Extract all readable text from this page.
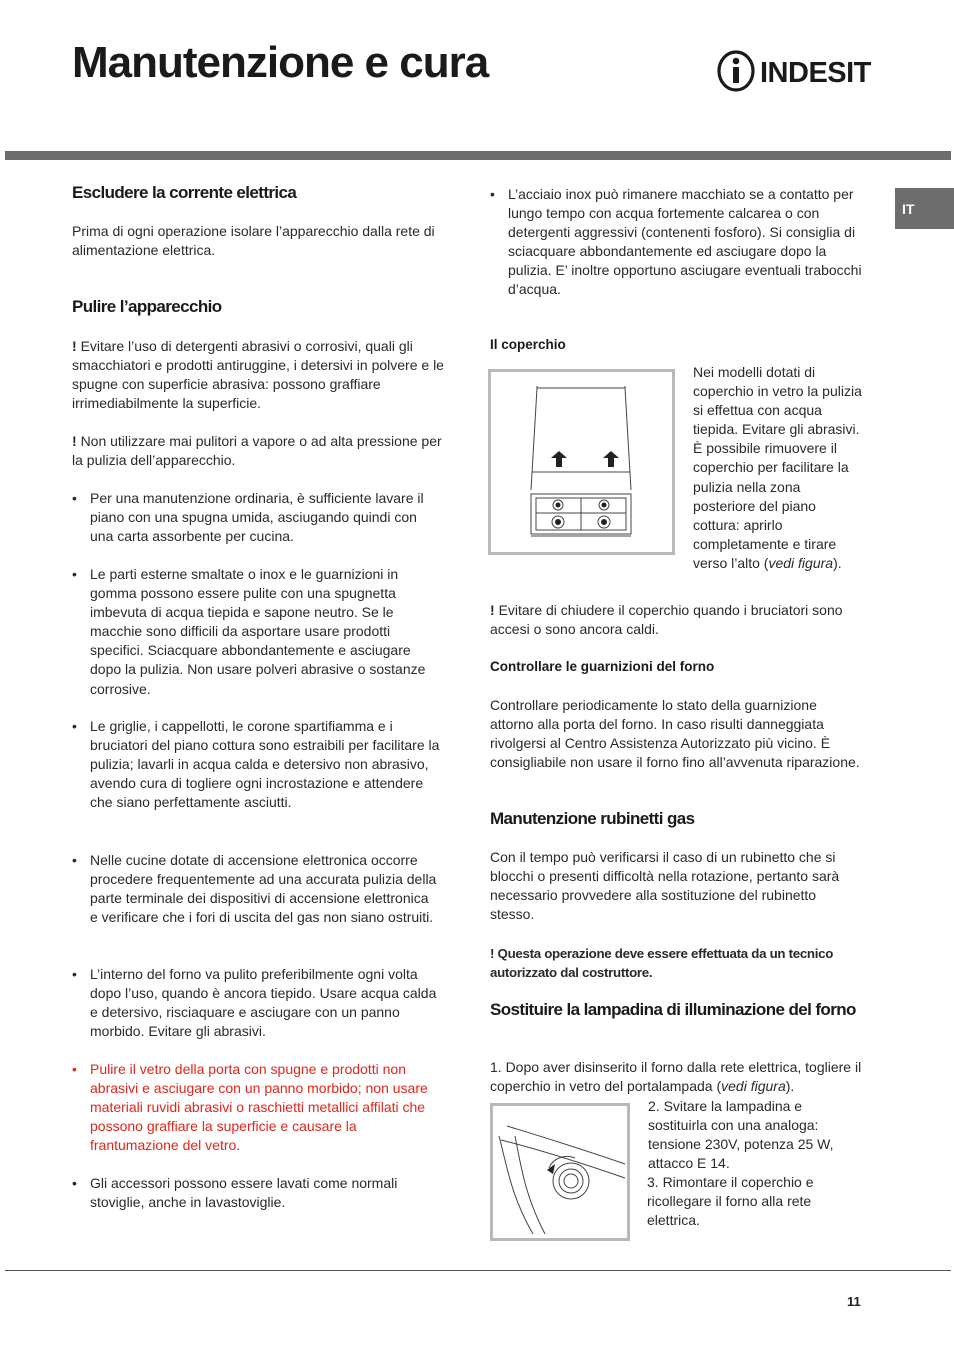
Manutenzione e cura	INDESIT
IT
Escludere la corrente elettrica
Prima di ogni operazione isolare l’apparecchio dalla rete di alimentazione elettrica.
Pulire l’apparecchio
! Evitare l’uso di detergenti abrasivi o corrosivi, quali gli smacchiatori e prodotti antiruggine, i detersivi in polvere e le spugne con superficie abrasiva: possono graffiare irrimediabilmente la superficie.
! Non utilizzare mai pulitori a vapore o ad alta pressione per la pulizia dell’apparecchio.
• Per una manutenzione ordinaria, è sufficiente lavare il piano con una spugna umida, asciugando quindi con una carta assorbente per cucina.
• Le parti esterne smaltate o inox e le guarnizioni in gomma possono essere pulite con una spugnetta imbevuta di acqua tiepida e sapone neutro. Se le macchie sono difficili da asportare usare prodotti specifici. Sciacquare abbondantemente e asciugare dopo la pulizia. Non usare polveri abrasive o sostanze corrosive.
• Le griglie, i cappellotti, le corone spartifiamma e i bruciatori del piano cottura sono estraibili per facilitare la pulizia; lavarli in acqua calda e detersivo non abrasivo, avendo cura di togliere ogni incrostazione e attendere che siano perfettamente asciutti.
• Nelle cucine dotate di accensione elettronica occorre procedere frequentemente ad una accurata pulizia della parte terminale dei dispositivi di accensione elettronica e verificare che i fori di uscita del gas non siano ostruiti.
• L’interno del forno va pulito preferibilmente ogni volta dopo l’uso, quando è ancora tiepido. Usare acqua calda e detersivo, risciaquare e asciugare con un panno morbido. Evitare gli abrasivi.
• Pulire il vetro della porta con spugne e prodotti non abrasivi e asciugare con un panno morbido; non usare materiali ruvidi abrasivi o raschietti metallici affilati che possono graffiare la superficie e causare la frantumazione del vetro.
• Gli accessori possono essere lavati come normali stoviglie, anche in lavastoviglie.
• L’acciaio inox può rimanere macchiato se a contatto per lungo tempo con acqua fortemente calcarea o con detergenti aggressivi (contenenti fosforo). Si consiglia di sciacquare abbondantemente ed asciugare dopo la pulizia. E’ inoltre opportuno asciugare eventuali trabocchi d’acqua.
Il coperchio
Nei modelli dotati di coperchio in vetro la pulizia si effettua con acqua tiepida. Evitare gli abrasivi.
È possibile rimuovere il coperchio per facilitare la pulizia nella zona posteriore del piano cottura: aprirlo completamente e tirare verso l’alto (vedi figura).
! Evitare di chiudere il coperchio quando i bruciatori sono accesi o sono ancora caldi.
Controllare le guarnizioni del forno
Controllare periodicamente lo stato della guarnizione attorno alla porta del forno. In caso risulti danneggiata rivolgersi al Centro Assistenza Autorizzato più vicino. È consigliabile non usare il forno fino all’avvenuta riparazione.
Manutenzione rubinetti gas
Con il tempo può verificarsi il caso di un rubinetto che si blocchi o presenti difficoltà nella rotazione, pertanto sarà necessario provvedere alla sostituzione del rubinetto stesso.
! Questa operazione deve essere effettuata da un tecnico autorizzato dal costruttore.
Sostituire la lampadina di illuminazione del forno
1. Dopo aver disinserito il forno dalla rete elettrica, togliere il coperchio in vetro del portalampada (vedi figura).
2. Svitare la lampadina e sostituirla con una analoga: tensione 230V, potenza 25 W, attacco E 14.
3. Rimontare il coperchio e ricollegare il forno alla rete elettrica.
11
